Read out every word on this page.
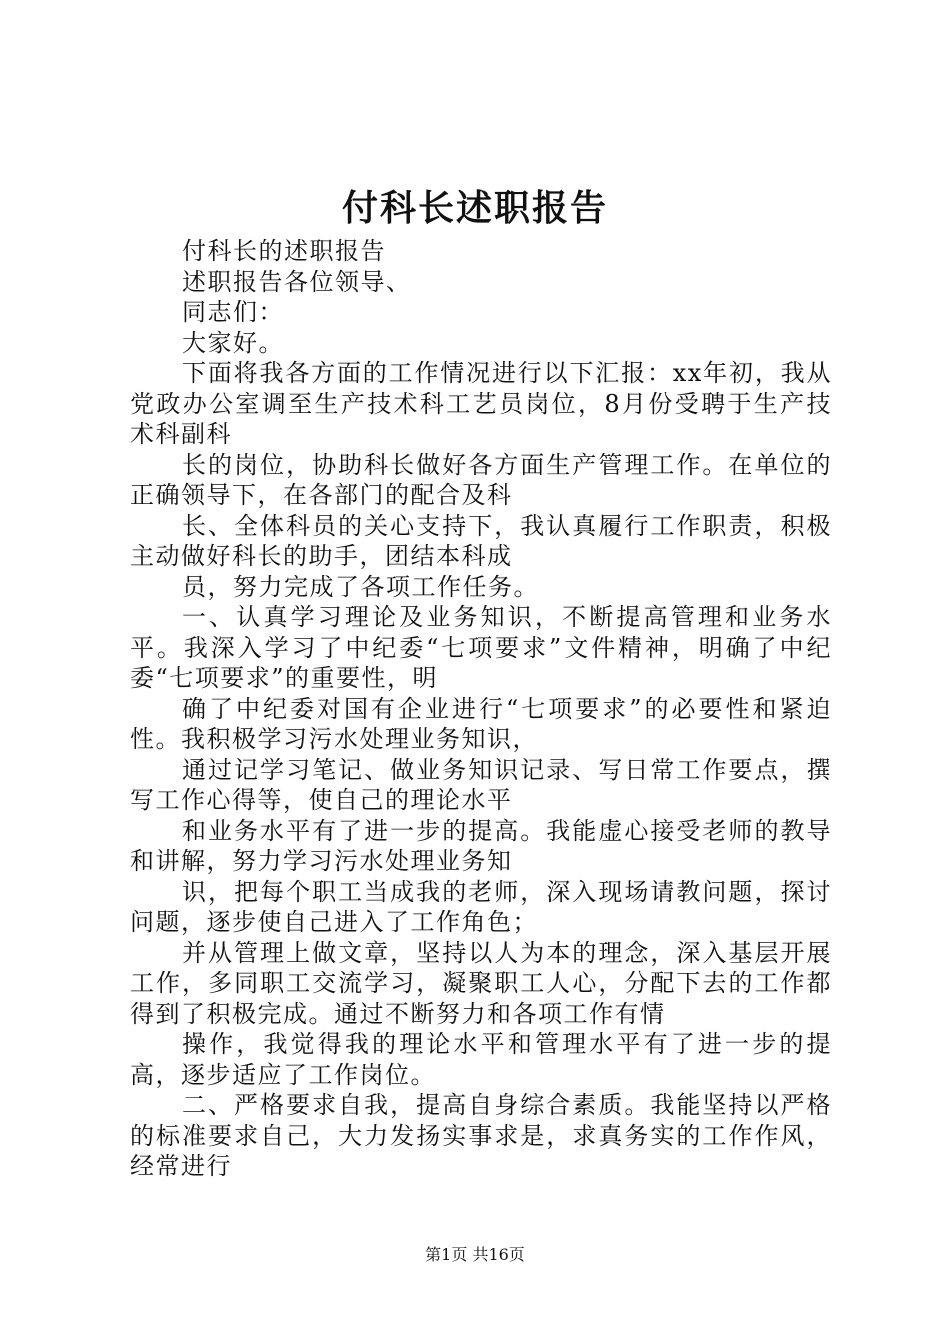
付科长述职报告

付科长的述职报告

述职报告各位领导、

同志们：

大家好。

下面将我各方面的工作情况进行以下汇报：xx年初，我从党政办公室调至生产技术科工艺员岗位，8月份受聘于生产技术科副科

长的岗位，协助科长做好各方面生产管理工作。在单位的正确领导下，在各部门的配合及科

长、全体科员的关心支持下，我认真履行工作职责，积极主动做好科长的助手，团结本科成

员，努力完成了各项工作任务。

一、认真学习理论及业务知识，不断提高管理和业务水平。我深入学习了中纪委“七项要求”文件精神，明确了中纪委“七项要求”的重要性，明

确了中纪委对国有企业进行“七项要求”的必要性和紧迫性。我积极学习污水处理业务知识，

通过记学习笔记、做业务知识记录、写日常工作要点，撰写工作心得等，使自己的理论水平

和业务水平有了进一步的提高。我能虚心接受老师的教导和讲解，努力学习污水处理业务知

识，把每个职工当成我的老师，深入现场请教问题，探讨问题，逐步使自己进入了工作角色；

并从管理上做文章，坚持以人为本的理念，深入基层开展工作，多同职工交流学习，凝聚职工人心，分配下去的工作都得到了积极完成。通过不断努力和各项工作有情

操作，我觉得我的理论水平和管理水平有了进一步的提高，逐步适应了工作岗位。

二、严格要求自我，提高自身综合素质。我能坚持以严格的标准要求自己，大力发扬实事求是，求真务实的工作作风，经常进行

第1页 共16页
